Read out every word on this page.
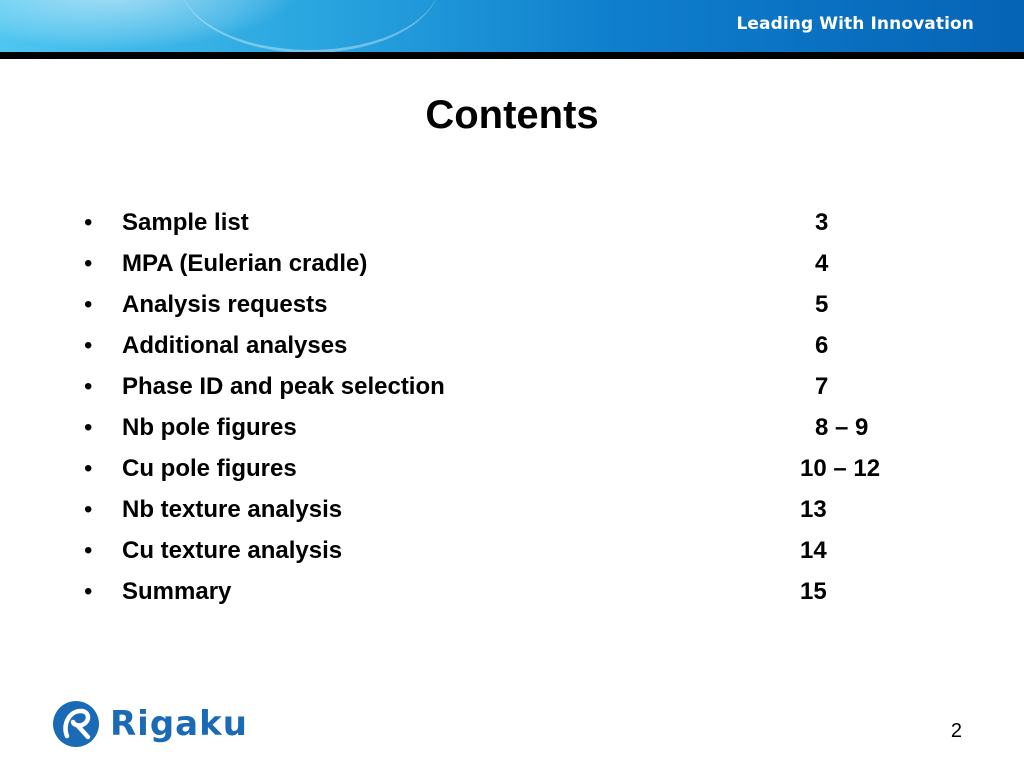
Leading With Innovation
Contents
• Sample list	3
• MPA (Eulerian cradle)	4
• Analysis requests	5
• Additional analyses	6
• Phase ID and peak selection	7
• Nb pole figures	8 – 9
• Cu pole figures	10 – 12
• Nb texture analysis	13
• Cu texture analysis	14
• Summary	15
Rigaku	2
